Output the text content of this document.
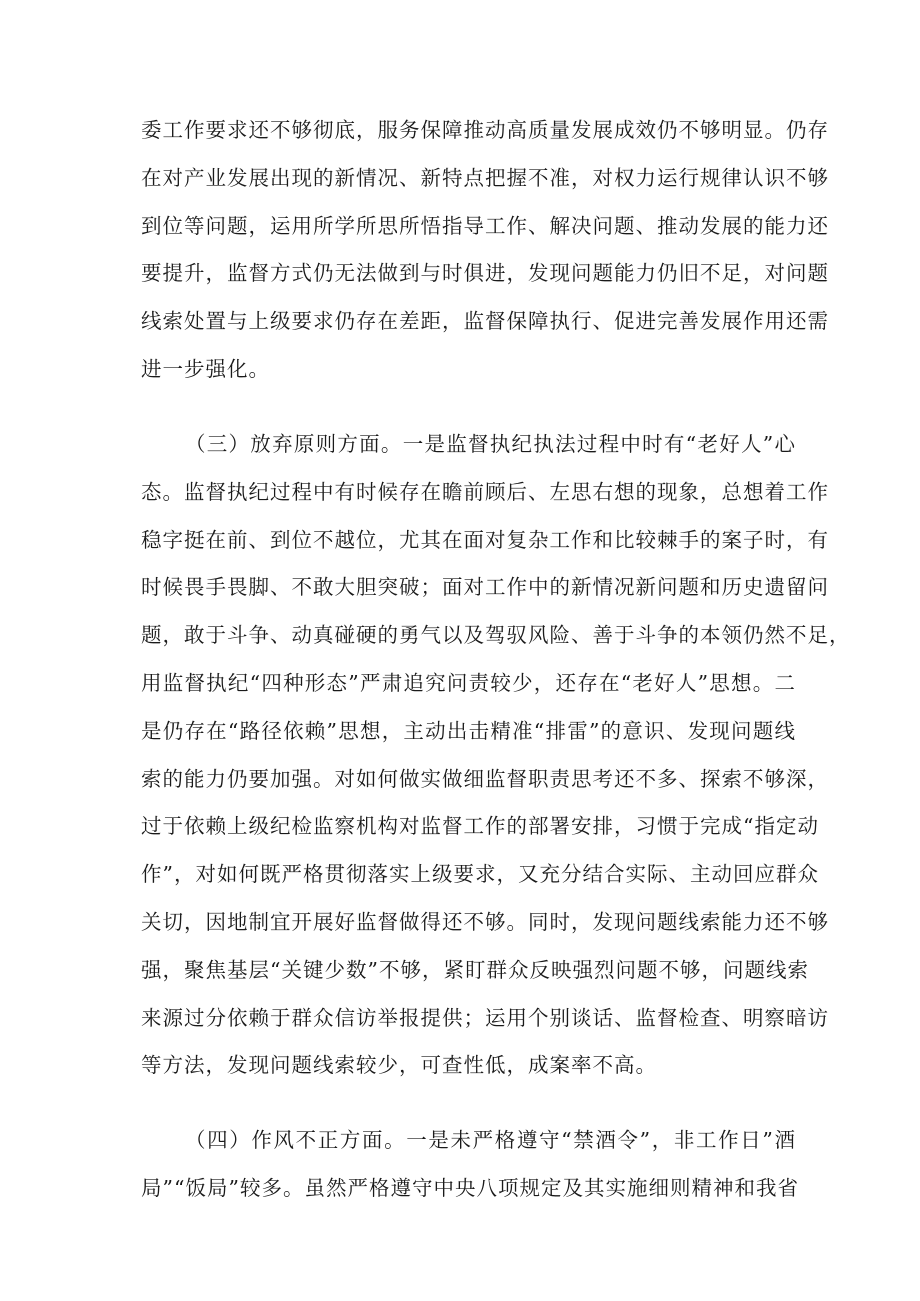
委工作要求还不够彻底，服务保障推动高质量发展成效仍不够明显。仍存
在对产业发展出现的新情况、新特点把握不准，对权力运行规律认识不够
到位等问题，运用所学所思所悟指导工作、解决问题、推动发展的能力还
要提升，监督方式仍无法做到与时俱进，发现问题能力仍旧不足，对问题
线索处置与上级要求仍存在差距，监督保障执行、促进完善发展作用还需
进一步强化。
（三）放弃原则方面。一是监督执纪执法过程中时有“老好人”心
态。监督执纪过程中有时候存在瞻前顾后、左思右想的现象，总想着工作
稳字挺在前、到位不越位，尤其在面对复杂工作和比较棘手的案子时，有
时候畏手畏脚、不敢大胆突破；面对工作中的新情况新问题和历史遗留问
题，敢于斗争、动真碰硬的勇气以及驾驭风险、善于斗争的本领仍然不足，
用监督执纪“四种形态”严肃追究问责较少，还存在“老好人”思想。二
是仍存在“路径依赖”思想，主动出击精准“排雷”的意识、发现问题线
索的能力仍要加强。对如何做实做细监督职责思考还不多、探索不够深，
过于依赖上级纪检监察机构对监督工作的部署安排，习惯于完成“指定动
作”，对如何既严格贯彻落实上级要求，又充分结合实际、主动回应群众
关切，因地制宜开展好监督做得还不够。同时，发现问题线索能力还不够
强，聚焦基层“关键少数”不够，紧盯群众反映强烈问题不够，问题线索
来源过分依赖于群众信访举报提供；运用个别谈话、监督检查、明察暗访
等方法，发现问题线索较少，可查性低，成案率不高。
（四）作风不正方面。一是未严格遵守“禁酒令”，非工作日”酒
局”“饭局”较多。虽然严格遵守中央八项规定及其实施细则精神和我省
